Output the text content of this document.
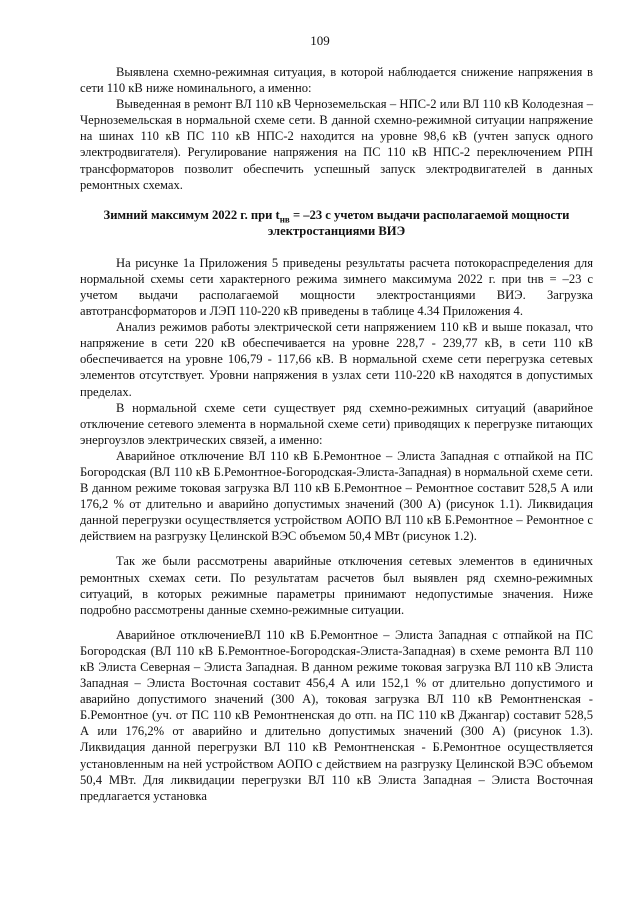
109

Выявлена схемно-режимная ситуация, в которой наблюдается снижение напряжения в сети 110 кВ ниже номинального, а именно:

Выведенная в ремонт ВЛ 110 кВ Черноземельская – НПС-2 или ВЛ 110 кВ Колодезная – Черноземельская в нормальной схеме сети. В данной схемно-режимной ситуации напряжение на шинах 110 кВ ПС 110 кВ НПС-2 находится на уровне 98,6 кВ (учтен запуск одного электродвигателя). Регулирование напряжения на ПС 110 кВ НПС-2 переключением РПН трансформаторов позволит обеспечить успешный запуск электродвигателей в данных ремонтных схемах.

Зимний максимум 2022 г. при $t_{нв} = -23$ с учетом выдачи располагаемой мощности электростанциями ВИЭ

На рисунке 1а Приложения 5 приведены результаты расчета потокораспределения для нормальной схемы сети характерного режима зимнего максимума 2022 г. при tнв = –23 с учетом выдачи располагаемой мощности электростанциями ВИЭ. Загрузка автотрансформаторов и ЛЭП 110-220 кВ приведены в таблице 4.34 Приложения 4.

Анализ режимов работы электрической сети напряжением 110 кВ и выше показал, что напряжение в сети 220 кВ обеспечивается на уровне 228,7 - 239,77 кВ, в сети 110 кВ обеспечивается на уровне 106,79 - 117,66 кВ. В нормальной схеме сети перегрузка сетевых элементов отсутствует. Уровни напряжения в узлах сети 110-220 кВ находятся в допустимых пределах.

В нормальной схеме сети существует ряд схемно-режимных ситуаций (аварийное отключение сетевого элемента в нормальной схеме сети) приводящих к перегрузке питающих энергоузлов электрических связей, а именно:

Аварийное отключение ВЛ 110 кВ Б.Ремонтное – Элиста Западная с отпайкой на ПС Богородская (ВЛ 110 кВ Б.Ремонтное-Богородская-Элиста-Западная) в нормальной схеме сети. В данном режиме токовая загрузка ВЛ 110 кВ Б.Ремонтное – Ремонтное составит 528,5 А или 176,2 % от длительно и аварийно допустимых значений (300 А) (рисунок 1.1). Ликвидация данной перегрузки осуществляется устройством АОПО ВЛ 110 кВ Б.Ремонтное – Ремонтное с действием на разгрузку Целинской ВЭС объемом 50,4 МВт (рисунок 1.2).

Так же были рассмотрены аварийные отключения сетевых элементов в единичных ремонтных схемах сети. По результатам расчетов был выявлен ряд схемно-режимных ситуаций, в которых режимные параметры принимают недопустимые значения. Ниже подробно рассмотрены данные схемно-режимные ситуации.

Аварийное отключениеВЛ 110 кВ Б.Ремонтное – Элиста Западная с отпайкой на ПС Богородская (ВЛ 110 кВ Б.Ремонтное-Богородская-Элиста-Западная) в схеме ремонта ВЛ 110 кВ Элиста Северная – Элиста Западная. В данном режиме токовая загрузка ВЛ 110 кВ Элиста Западная – Элиста Восточная составит 456,4 А или 152,1 % от длительно допустимого и аварийно допустимого значений (300 А), токовая загрузка ВЛ 110 кВ Ремонтненская - Б.Ремонтное (уч. от ПС 110 кВ Ремонтненская до отп. на ПС 110 кВ Джангар) составит 528,5 А или 176,2% от аварийно и длительно допустимых значений (300 А) (рисунок 1.3). Ликвидация данной перегрузки ВЛ 110 кВ Ремонтненская - Б.Ремонтное осуществляется установленным на ней устройством АОПО с действием на разгрузку Целинской ВЭС объемом 50,4 МВт. Для ликвидации перегрузки ВЛ 110 кВ Элиста Западная – Элиста Восточная предлагается установка
